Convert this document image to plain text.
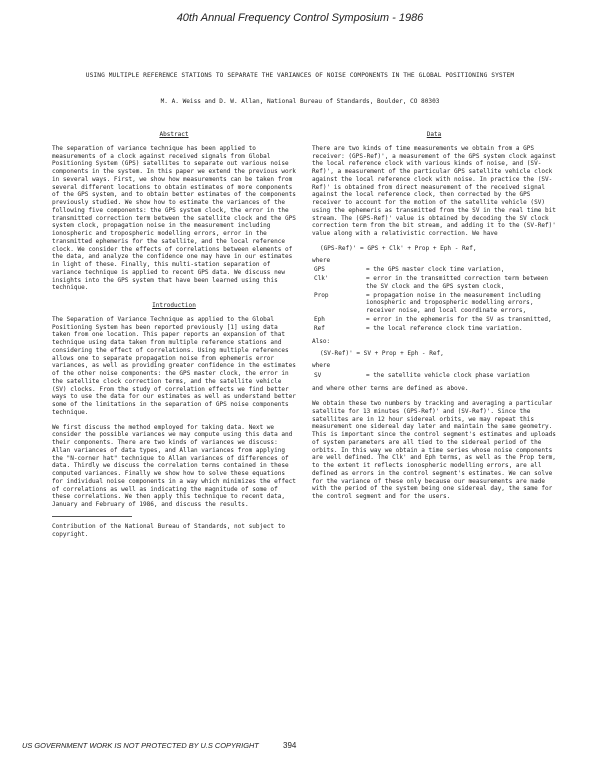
40th Annual Frequency Control Symposium - 1986
USING MULTIPLE REFERENCE STATIONS TO SEPARATE THE VARIANCES OF NOISE COMPONENTS IN THE GLOBAL POSITIONING SYSTEM
M. A. Weiss and D. W. Allan, National Bureau of Standards, Boulder, CO 80303
Abstract

The separation of variance technique has been applied to measurements of a clock against received signals from Global Positioning System (GPS) satellites to separate out various noise components in the system. In this paper we extend the previous work in several ways. First, we show how measurements can be taken from several different locations to obtain estimates of more components of the GPS system, and to obtain better estimates of the components previously studied. We show how to estimate the variances of the following five components: the GPS system clock, the error in the transmitted correction term between the satellite clock and the GPS system clock, propagation noise in the measurement including ionospheric and tropospheric modelling errors, error in the transmitted ephemeris for the satellite, and the local reference clock. We consider the effects of correlations between elements of the data, and analyze the confidence one may have in our estimates in light of these. Finally, this multi-station separation of variance technique is applied to recent GPS data. We discuss new insights into the GPS system that have been learned using this technique.

Introduction

The Separation of Variance Technique as applied to the Global Positioning System has been reported previously [1] using data taken from one location. This paper reports an expansion of that technique using data taken from multiple reference stations and considering the effect of correlations. Using multiple references allows one to separate propagation noise from ephemeris error variances, as well as providing greater confidence in the estimates of the other noise components: the GPS master clock, the error in the satellite clock correction terms, and the satellite vehicle (SV) clocks. From the study of correlation effects we find better ways to use the data for our estimates as well as understand better some of the limitations in the separation of GPS noise components technique.

We first discuss the method employed for taking data. Next we consider the possible variances we may compute using this data and their components. There are two kinds of variances we discuss: Allan variances of data types, and Allan variances from applying the "N-corner hat" technique to Allan variances of differences of data. Thirdly we discuss the correlation terms contained in these computed variances. Finally we show how to solve these equations for individual noise components in a way which minimizes the effect of correlations as well as indicating the magnitude of some of these correlations. We then apply this technique to recent data, January and February of 1986, and discuss the results.

Contribution of the National Bureau of Standards, not subject to copyright.
Data

There are two kinds of time measurements we obtain from a GPS receiver: (GPS-Ref)', a measurement of the GPS system clock against the local reference clock with various kinds of noise, and (SV-Ref)', a measurement of the particular GPS satellite vehicle clock against the local reference clock with noise. In practice the (SV-Ref)' is obtained from direct measurement of the received signal against the local reference clock, then corrected by the GPS receiver to account for the motion of the satellite vehicle (SV) using the ephemeris as transmitted from the SV in the real time bit stream. The (GPS-Ref)' value is obtained by decoding the SV clock correction term from the bit stream, and adding it to the (SV-Ref)' value along with a relativistic correction. We have

(GPS-Ref)' = GPS + Clk' + Prop + Eph - Ref,
where
GPS	= the GPS master clock time variation,
Clk'	= error in the transmitted correction term between the SV clock and the GPS system clock,
Prop	= propagation noise in the measurement including ionospheric and tropospheric modelling errors, receiver noise, and local coordinate errors,
Eph	= error in the ephemeris for the SV as transmitted,
Ref	= the local reference clock time variation.
Also:
(SV-Ref)' = SV + Prop + Eph - Ref,
where
SV	= the satellite vehicle clock phase variation

and where other terms are defined as above.

We obtain these two numbers by tracking and averaging a particular satellite for 13 minutes (GPS-Ref)' and (SV-Ref)'. Since the satellites are in 12 hour sidereal orbits, we may repeat this measurement one sidereal day later and maintain the same geometry. This is important since the control segment's estimates and uploads of system parameters are all tied to the sidereal period of the orbits. In this way we obtain a time series whose noise components are well defined. The Clk' and Eph terms, as well as the Prop term, to the extent it reflects ionospheric modelling errors, are all defined as errors in the control segment's estimates. We can solve for the variance of these only because our measurements are made with the period of the system being one sidereal day, the same for the control segment and for the users.

US GOVERNMENT WORK IS NOT PROTECTED BY U.S COPYRIGHT	394
